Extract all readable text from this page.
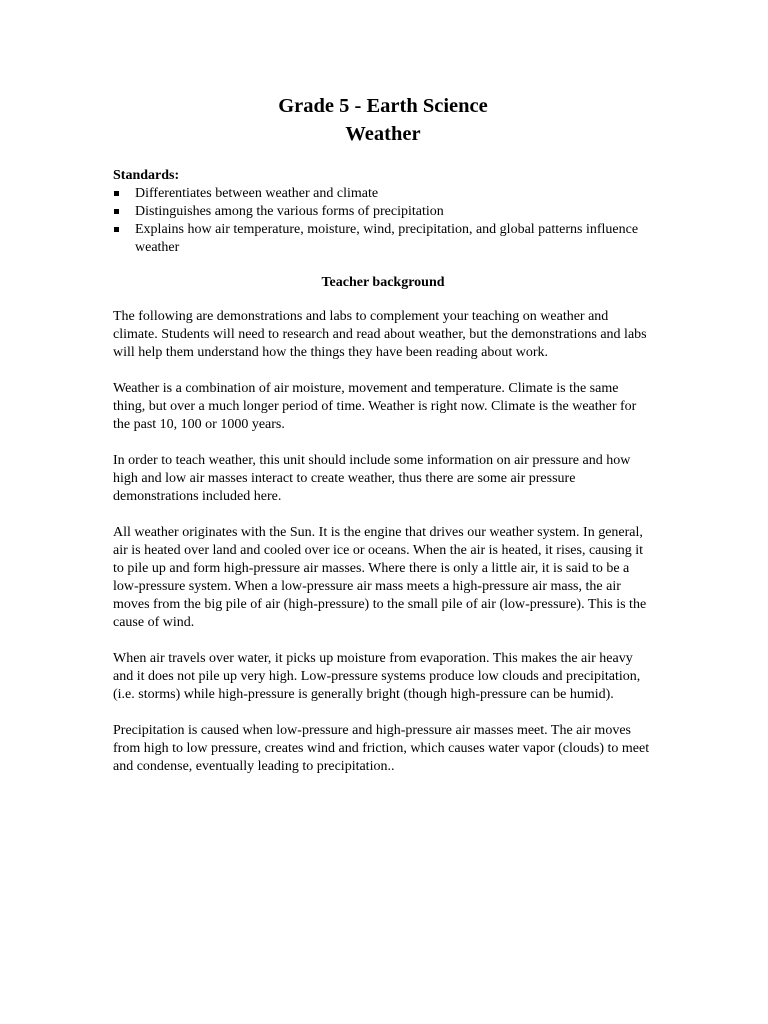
Grade 5 - Earth Science
Weather
Standards:
Differentiates between weather and climate
Distinguishes among the various forms of precipitation
Explains how air temperature, moisture, wind, precipitation, and global patterns influence weather
Teacher background

The following are demonstrations and labs to complement your teaching on weather and climate. Students will need to research and read about weather, but the demonstrations and labs will help them understand how the things they have been reading about work.

Weather is a combination of air moisture, movement and temperature. Climate is the same thing, but over a much longer period of time. Weather is right now. Climate is the weather for the past 10, 100 or 1000 years.

In order to teach weather, this unit should include some information on air pressure and how high and low air masses interact to create weather, thus there are some air pressure demonstrations included here.

All weather originates with the Sun. It is the engine that drives our weather system. In general, air is heated over land and cooled over ice or oceans. When the air is heated, it rises, causing it to pile up and form high-pressure air masses. Where there is only a little air, it is said to be a low-pressure system. When a low-pressure air mass meets a high-pressure air mass, the air moves from the big pile of air (high-pressure) to the small pile of air (low-pressure). This is the cause of wind.

When air travels over water, it picks up moisture from evaporation. This makes the air heavy and it does not pile up very high. Low-pressure systems produce low clouds and precipitation, (i.e. storms) while high-pressure is generally bright (though high-pressure can be humid).

Precipitation is caused when low-pressure and high-pressure air masses meet. The air moves from high to low pressure, creates wind and friction, which causes water vapor (clouds) to meet and condense, eventually leading to precipitation..
